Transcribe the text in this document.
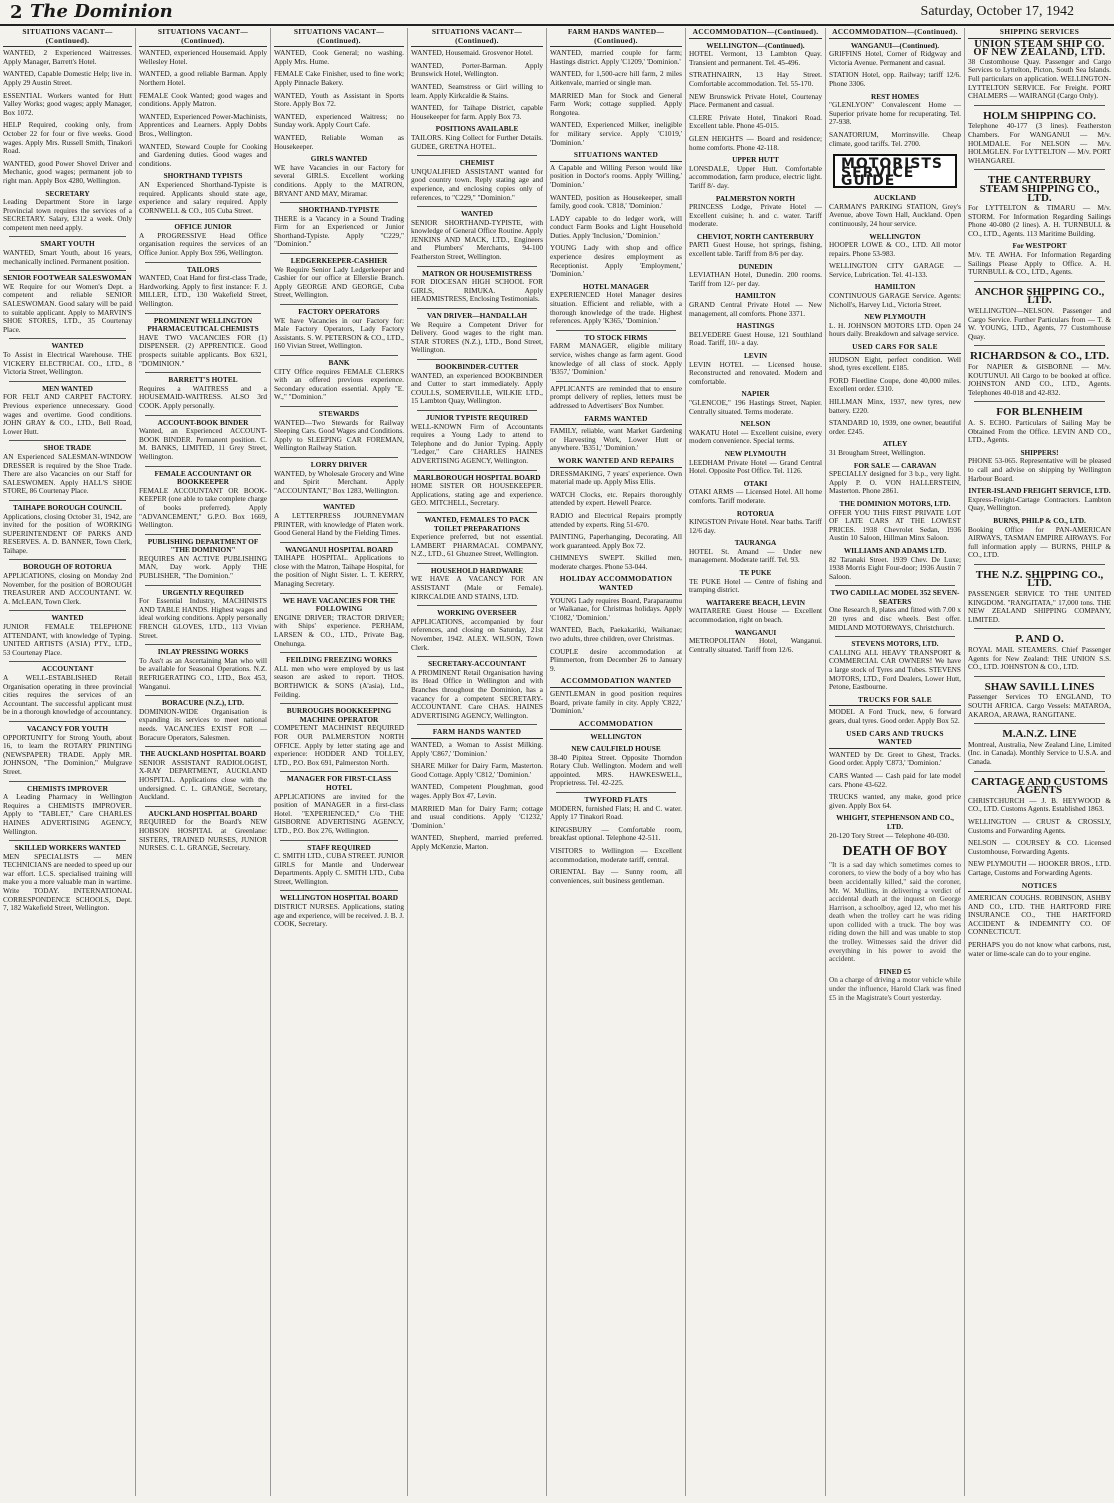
2 The Dominion	Saturday, October 17, 1942
SITUATIONS VACANT—(Continued).

WANTED, 2 Experienced Waitresses. Apply Manager, Barrett's Hotel.

WANTED, Capable Domestic Help; live in. Apply 29 Austin Street.

ESSENTIAL Workers wanted for Hutt Valley Works; good wages; apply Manager, Box 1072.

HELP Required, cooking only, from October 22 for four or five weeks. Good wages. Apply Mrs. Russell Smith, Tinakori Road.

WANTED, good Power Shovel Driver and Mechanic, good wages; permanent job to right man. Apply Box 4280, Wellington.

SECRETARY

Leading Department Store in large Provincial town requires the services of a SECRETARY. Salary, £312 a week. Only competent men need apply.

SMART YOUTH

WANTED, Smart Youth, about 16 years, mechanically inclined. Permanent position.

SENIOR FOOTWEAR SALESWOMAN

WE Require for our Women's Dept. a competent and reliable SENIOR SALESWOMAN. Good salary will be paid to suitable applicant. Apply to MARVIN'S SHOE STORES, LTD., 35 Courtenay Place.

WANTED

To Assist in Electrical Warehouse. THE VICKERY ELECTRICAL CO., LTD., 8 Victoria Street, Wellington.

MEN WANTED

FOR FELT AND CARPET FACTORY. Previous experience unnecessary. Good wages and overtime. Good conditions. JOHN GRAY & CO., LTD., Bell Road, Lower Hutt.

SHOE TRADE

AN Experienced SALESMAN-WINDOW DRESSER is required by the Shoe Trade. There are also Vacancies on our Staff for SALESWOMEN. Apply HALL'S SHOE STORE, 86 Courtenay Place.

TAIHAPE BOROUGH COUNCIL

Applications, closing October 31, 1942, are invited for the position of WORKING SUPERINTENDENT OF PARKS AND RESERVES. A. D. BANNER, Town Clerk, Taihape.

BOROUGH OF ROTORUA

APPLICATIONS, closing on Monday 2nd November, for the position of BOROUGH TREASURER AND ACCOUNTANT. W. A. McLEAN, Town Clerk.

WANTED

JUNIOR FEMALE TELEPHONE ATTENDANT, with knowledge of Typing. UNITED ARTISTS (A'SIA) PTY., LTD., 53 Courtenay Place.

ACCOUNTANT

A WELL-ESTABLISHED Retail Organisation operating in three provincial cities requires the services of an Accountant. The successful applicant must be in a thorough knowledge of accountancy.

VACANCY FOR YOUTH

OPPORTUNITY for Strong Youth, about 16, to learn the ROTARY PRINTING (NEWSPAPER) TRADE. Apply MR. JOHNSON, "The Dominion," Mulgrave Street.

CHEMISTS IMPROVER

A Leading Pharmacy in Wellington Requires a CHEMISTS IMPROVER. Apply to "TABLET," Care CHARLES HAINES ADVERTISING AGENCY, Wellington.

SKILLED WORKERS WANTED

MEN SPECIALISTS — MEN TECHNICIANS are needed to speed up our war effort. I.C.S. specialised training will make you a more valuable man in wartime. Write TODAY. INTERNATIONAL CORRESPONDENCE SCHOOLS, Dept. 7, 182 Wakefield Street, Wellington.

SITUATIONS VACANT—(Continued).

WANTED, experienced Housemaid. Apply Wellesley Hotel.

WANTED, a good reliable Barman. Apply Northern Hotel.

FEMALE Cook Wanted; good wages and conditions. Apply Matron.

WANTED, Experienced Power-Machinists, Apprentices and Learners. Apply Dobbs Bros., Wellington.

WANTED, Steward Couple for Cooking and Gardening duties. Good wages and conditions.

SHORTHAND TYPISTS

AN Experienced Shorthand-Typiste is required. Applicants should state age, experience and salary required. Apply CORNWELL & CO., 105 Cuba Street.

OFFICE JUNIOR

A PROGRESSIVE Head Office organisation requires the services of an Office Junior. Apply Box 596, Wellington.

TAILORS

WANTED, Coat Hand for first-class Trade, Hardworking. Apply to first instance: F. J. MILLER, LTD., 130 Wakefield Street, Wellington.

PROMINENT WELLINGTON PHARMACEUTICAL CHEMISTS

HAVE TWO VACANCIES FOR (1) DISPENSER. (2) APPRENTICE. Good prospects suitable applicants. Box 6321, "DOMINION."

BARRETT'S HOTEL

Requires a WAITRESS and a HOUSEMAID-WAITRESS. ALSO 3rd COOK. Apply personally.

ACCOUNT-BOOK BINDER

Wanted, an Experienced ACCOUNT-BOOK BINDER. Permanent position. C. M. BANKS, LIMITED, 11 Grey Street, Wellington.

FEMALE ACCOUNTANT OR BOOKKEEPER

FEMALE ACCOUNTANT OR BOOK-KEEPER (one able to take complete charge of books preferred). Apply "ADVANCEMENT," G.P.O. Box 1669, Wellington.

PUBLISHING DEPARTMENT OF "THE DOMINION"

REQUIRES AN ACTIVE PUBLISHING MAN, Day work. Apply THE PUBLISHER, "The Dominion."

URGENTLY REQUIRED

For Essential Industry, MACHINISTS AND TABLE HANDS. Highest wages and ideal working conditions. Apply personally FRENCH GLOVES, LTD., 113 Vivian Street.

INLAY PRESSING WORKS

To Ass't as an Ascertaining Man who will be available for Seasonal Operations. N.Z. REFRIGERATING CO., LTD., Box 453, Wanganui.

BORACURE (N.Z.), LTD.

DOMINION-WIDE Organisation is expanding its services to meet national needs. VACANCIES EXIST FOR — Boracure Operators, Salesmen.

THE AUCKLAND HOSPITAL BOARD

SENIOR ASSISTANT RADIOLOGIST, X-RAY DEPARTMENT, AUCKLAND HOSPITAL. Applications close with the undersigned. C. L. GRANGE, Secretary, Auckland.

AUCKLAND HOSPITAL BOARD

REQUIRED for the Board's NEW HOBSON HOSPITAL at Greenlane: SISTERS, TRAINED NURSES, JUNIOR NURSES. C. L. GRANGE, Secretary.

SITUATIONS VACANT—(Continued).

WANTED, Cook General; no washing. Apply Mrs. Hume.

FEMALE Cake Finisher, used to fine work; Apply Pinnacle Bakery.

WANTED, Youth as Assistant in Sports Store. Apply Box 72.

WANTED, experienced Waitress; no Sunday work. Apply Court Cafe.

WANTED, Reliable Woman as Housekeeper.

GIRLS WANTED

WE have Vacancies in our Factory for several GIRLS. Excellent working conditions. Apply to the MATRON, BRYANT AND MAY, Miramar.

SHORTHAND-TYPISTE

THERE is a Vacancy in a Sound Trading Firm for an Experienced or Junior Shorthand-Typiste. Apply "C229," "Dominion."

LEDGERKEEPER-CASHIER

We Require Senior Lady Ledgerkeeper and Cashier for our office at Ellerslie Branch. Apply GEORGE AND GEORGE, Cuba Street, Wellington.

FACTORY OPERATORS

WE have Vacancies in our Factory for: Male Factory Operators, Lady Factory Assistants. S. W. PETERSON & CO., LTD., 160 Vivian Street, Wellington.

BANK

CITY Office requires FEMALE CLERKS with an offered previous experience. Secondary education essential. Apply "E. W.," "Dominion."

STEWARDS

WANTED—Two Stewards for Railway Sleeping Cars. Good Wages and Conditions. Apply to SLEEPING CAR FOREMAN, Wellington Railway Station.

LORRY DRIVER

WANTED, by Wholesale Grocery and Wine and Spirit Merchant. Apply "ACCOUNTANT," Box 1283, Wellington.

WANTED

A LETTERPRESS JOURNEYMAN PRINTER, with knowledge of Platen work. Good General Hand by the Fielding Times.

WANGANUI HOSPITAL BOARD

TAIHAPE HOSPITAL. Applications to close with the Matron, Taihape Hospital, for the position of Night Sister. L. T. KERRY, Managing Secretary.

WE HAVE VACANCIES FOR THE FOLLOWING

ENGINE DRIVER; TRACTOR DRIVER; with Ships' experience. PERHAM, LARSEN & CO., LTD., Private Bag, Onehunga.

FEILDING FREEZING WORKS

ALL men who were employed by us last season are asked to report. THOS. BORTHWICK & SONS (A'asia), Ltd., Feilding.

BURROUGHS BOOKKEEPING MACHINE OPERATOR

COMPETENT MACHINIST REQUIRED FOR OUR PALMERSTON NORTH OFFICE. Apply by letter stating age and experience: HODDER AND TOLLEY, LTD., P.O. Box 691, Palmerston North.

MANAGER FOR FIRST-CLASS HOTEL

APPLICATIONS are invited for the position of MANAGER in a first-class Hotel. "EXPERIENCED," C/o THE GISBORNE ADVERTISING AGENCY, LTD., P.O. Box 276, Wellington.

STAFF REQUIRED

C. SMITH LTD., CUBA STREET. JUNIOR GIRLS for Mantle and Underwear Departments. Apply C. SMITH LTD., Cuba Street, Wellington.

WELLINGTON HOSPITAL BOARD

DISTRICT NURSES. Applications, stating age and experience, will be received. J. B. J. COOK, Secretary.

SITUATIONS VACANT—(Continued).

WANTED, Housemaid. Grosvenor Hotel.

WANTED, Porter-Barman. Apply Brunswick Hotel, Wellington.

WANTED, Seamstress or Girl willing to learn. Apply Kirkcaldie & Stains.

WANTED, for Taihape District, capable Housekeeper for farm. Apply Box 73.

POSITIONS AVAILABLE

TAILORS. King Collect for Further Details. GUDEE, GRETNA HOTEL.

CHEMIST

UNQUALIFIED ASSISTANT wanted for good country town. Reply stating age and experience, and enclosing copies only of references, to "C229," "Dominion."

WANTED

SENIOR SHORTHAND-TYPISTE, with knowledge of General Office Routine. Apply JENKINS AND MACK, LTD., Engineers and Plumbers' Merchants, 94-100 Featherston Street, Wellington.

MATRON OR HOUSEMISTRESS

FOR DIOCESAN HIGH SCHOOL FOR GIRLS, RIMUKA. Apply HEADMISTRESS, Enclosing Testimonials.

VAN DRIVER—HANDALLAH

We Require a Competent Driver for Delivery. Good wages to the right man. STAR STORES (N.Z.), LTD., Bond Street, Wellington.

BOOKBINDER-CUTTER

WANTED, an experienced BOOKBINDER and Cutter to start immediately. Apply COULLS, SOMERVILLE, WILKIE LTD., 15 Lambton Quay, Wellington.

JUNIOR TYPISTE REQUIRED

WELL-KNOWN Firm of Accountants requires a Young Lady to attend to Telephone and do Junior Typing. Apply "Ledger," Care CHARLES HAINES ADVERTISING AGENCY, Wellington.

MARLBOROUGH HOSPITAL BOARD

HOME SISTER OR HOUSEKEEPER. Applications, stating age and experience. GEO. MITCHELL, Secretary.

WANTED, FEMALES TO PACK TOILET PREPARATIONS

Experience preferred, but not essential. LAMBERT PHARMACAL COMPANY, N.Z., LTD., 61 Ghuznee Street, Wellington.

HOUSEHOLD HARDWARE

WE HAVE A VACANCY FOR AN ASSISTANT (Male or Female). KIRKCALDIE AND STAINS, LTD.

WORKING OVERSEER

APPLICATIONS, accompanied by four references, and closing on Saturday, 21st November, 1942. ALEX. WILSON, Town Clerk.

SECRETARY-ACCOUNTANT

A PROMINENT Retail Organisation having its Head Office in Wellington and with Branches throughout the Dominion, has a vacancy for a competent SECRETARY-ACCOUNTANT. Care CHAS. HAINES ADVERTISING AGENCY, Wellington.

FARM HANDS WANTED

WANTED, a Woman to Assist Milking. Apply 'C867,' 'Dominion.'

SHARE Milker for Dairy Farm, Masterton. Good Cottage. Apply 'C812,' 'Dominion.'

WANTED, Competent Ploughman, good wages. Apply Box 47, Levin.

MARRIED Man for Dairy Farm; cottage and usual conditions. Apply 'C1232,' 'Dominion.'

WANTED, Shepherd, married preferred. Apply McKenzie, Marton.

FARM HANDS WANTED—(Continued).

WANTED, married couple for farm; Hastings district. Apply 'C1209,' 'Dominion.'

WANTED, for 1,500-acre hill farm, 2 miles Aitkenvale, married or single man.

MARRIED Man for Stock and General Farm Work; cottage supplied. Apply Rongotea.

WANTED, Experienced Milker, ineligible for military service. Apply 'C1019,' 'Dominion.'

SITUATIONS WANTED

A Capable and Willing Person would like position in Doctor's rooms. Apply 'Willing,' 'Dominion.'

WANTED, position as Housekeeper, small family, good cook. 'C818,' 'Dominion.'

LADY capable to do ledger work, will conduct Farm Books and Light Household Duties. Apply 'Inclusion,' 'Dominion.'

YOUNG Lady with shop and office experience desires employment as Receptionist. Apply 'Employment,' 'Dominion.'

HOTEL MANAGER

EXPERIENCED Hotel Manager desires situation. Efficient and reliable, with a thorough knowledge of the trade. Highest references. Apply 'K365,' 'Dominion.'

TO STOCK FIRMS

FARM MANAGER, eligible military service, wishes change as farm agent. Good knowledge of all class of stock. Apply 'B357,' 'Dominion.'

APPLICANTS are reminded that to ensure prompt delivery of replies, letters must be addressed to Advertisers' Box Number.

FARMS WANTED

FAMILY, reliable, want Market Gardening or Harvesting Work, Lower Hutt or anywhere. 'B351,' 'Dominion.'

WORK WANTED AND REPAIRS

DRESSMAKING, 7 years' experience. Own material made up. Apply Miss Ellis.

WATCH Clocks, etc. Repairs thoroughly attended by expert. Hewell Pearce.

RADIO and Electrical Repairs promptly attended by experts. Ring 51-670.

PAINTING, Paperhanging, Decorating. All work guaranteed. Apply Box 72.

CHIMNEYS SWEPT. Skilled men, moderate charges. Phone 53-044.

HOLIDAY ACCOMMODATION WANTED

YOUNG Lady requires Board, Paraparaumu or Waikanae, for Christmas holidays. Apply 'C1082,' 'Dominion.'

WANTED, Bach, Paekakariki, Waikanae; two adults, three children, over Christmas.

COUPLE desire accommodation at Plimmerton, from December 26 to January 9.

ACCOMMODATION WANTED

GENTLEMAN in good position requires Board, private family in city. Apply 'C822,' 'Dominion.'

ACCOMMODATION
WELLINGTON
NEW CAULFIELD HOUSE

38-40 Pipitea Street. Opposite Thorndon Rotary Club. Wellington. Modern and well appointed. MRS. HAWKESWELL, Proprietress. Tel. 42-225.

TWYFORD FLATS

MODERN, furnished Flats; H. and C. water. Apply 17 Tinakori Road.

KINGSBURY — Comfortable room, breakfast optional. Telephone 42-511.

VISITORS to Wellington — Excellent accommodation, moderate tariff, central.

ORIENTAL Bay — Sunny room, all conveniences, suit business gentleman.

ACCOMMODATION—(Continued).
WELLINGTON—(Continued).

HOTEL Vermont, 13 Lambton Quay. Transient and permanent. Tel. 45-496.

STRATHNAIRN, 13 Hay Street. Comfortable accommodation. Tel. 55-170.

NEW Brunswick Private Hotel, Courtenay Place. Permanent and casual.

CLERE Private Hotel, Tinakori Road. Excellent table. Phone 45-015.

GLEN HEIGHTS — Board and residence; home comforts. Phone 42-118.

UPPER HUTT

LONSDALE, Upper Hutt. Comfortable accommodation, farm produce, electric light. Tariff 8/- day.

PALMERSTON NORTH

PRINCESS Lodge, Private Hotel — Excellent cuisine; h. and c. water. Tariff moderate.

CHEVIOT, NORTH CANTERBURY

PARTI Guest House, hot springs, fishing, excellent table. Tariff from 8/6 per day.

DUNEDIN

LEVIATHAN Hotel, Dunedin. 200 rooms. Tariff from 12/- per day.

HAMILTON

GRAND Central Private Hotel — New management, all comforts. Phone 3371.

HASTINGS

BELVEDERE Guest House, 121 Southland Road. Tariff, 10/- a day.

LEVIN

LEVIN HOTEL — Licensed house. Reconstructed and renovated. Modern and comfortable.

NAPIER

"GLENCOE," 196 Hastings Street, Napier. Centrally situated. Terms moderate.

NELSON

WAKATU Hotel — Excellent cuisine, every modern convenience. Special terms.

NEW PLYMOUTH

LEEDHAM Private Hotel — Grand Central Hotel. Opposite Post Office. Tel. 1126.

OTAKI

OTAKI ARMS — Licensed Hotel. All home comforts. Tariff moderate.

ROTORUA

KINGSTON Private Hotel. Near baths. Tariff 12/6 day.

TAURANGA

HOTEL St. Amand — Under new management. Moderate tariff. Tel. 93.

TE PUKE

TE PUKE Hotel — Centre of fishing and tramping district.

WAITARERE BEACH, LEVIN

WAITARERE Guest House — Excellent accommodation, right on beach.

WANGANUI

METROPOLITAN Hotel, Wanganui. Centrally situated. Tariff from 12/6.

ACCOMMODATION—(Continued).
WANGANUI—(Continued).

GRIFFINS Hotel, Corner of Ridgway and Victoria Avenue. Permanent and casual.

STATION Hotel, opp. Railway; tariff 12/6. Phone 3306.

REST HOMES

"GLENLYON" Convalescent Home — Superior private home for recuperating. Tel. 27-938.

SANATORIUM, Morrinsville. Cheap climate, good tariffs. Tel. 2700.

MOTORISTS SERVICE GUIDE
AUCKLAND

CARMAN'S PARKING STATION, Grey's Avenue, above Town Hall, Auckland. Open continuously, 24 hour service.

WELLINGTON

HOOPER LOWE & CO., LTD. All motor repairs. Phone 53-983.

WELLINGTON CITY GARAGE — Service, Lubrication. Tel. 41-133.

HAMILTON

CONTINUOUS GARAGE Service. Agents: Nicholl's, Harvey Ltd., Victoria Street.

NEW PLYMOUTH

L. H. JOHNSON MOTORS LTD. Open 24 hours daily. Breakdown and salvage service.

USED CARS FOR SALE

HUDSON Eight, perfect condition. Well shod, tyres excellent. £185.

FORD Fleetline Coupe, done 40,000 miles. Excellent order. £310.

HILLMAN Minx, 1937, new tyres, new battery. £220.

STANDARD 10, 1939, one owner, beautiful order. £245.

ATLEY

31 Brougham Street, Wellington.

FOR SALE — CARAVAN

SPECIALLY designed for 3 b.p., very light. Apply P. O. VON HALLERSTEIN, Masterton. Phone 2861.

THE DOMINION MOTORS, LTD.

OFFER YOU THIS FIRST PRIVATE LOT OF LATE CARS AT THE LOWEST PRICES. 1938 Chevrolet Sedan, 1936 Austin 10 Saloon, Hillman Minx Saloon.

WILLIAMS AND ADAMS LTD.

82 Taranaki Street. 1939 Chev. De Luxe; 1938 Morris Eight Four-door; 1936 Austin 7 Saloon.

TWO CADILLAC MODEL 352 SEVEN-SEATERS

One Research 8, plates and fitted with 7.00 x 20 tyres and disc wheels. Best offer. MIDLAND MOTORWAYS, Christchurch.

STEVENS MOTORS, LTD.

CALLING ALL HEAVY TRANSPORT & COMMERCIAL CAR OWNERS! We have a large stock of Tyres and Tubes. STEVENS MOTORS, LTD., Ford Dealers, Lower Hutt, Petone, Eastbourne.

TRUCKS FOR SALE

MODEL A Ford Truck, new, 6 forward gears, dual tyres. Good order. Apply Box 52.

USED CARS AND TRUCKS WANTED

WANTED by Dr. Greet to Ghest, Tracks. Good order. Apply 'C873,' 'Dominion.'

CARS Wanted — Cash paid for late model cars. Phone 43-622.

TRUCKS wanted, any make, good price given. Apply Box 64.

WHIGHT, STEPHENSON AND CO., LTD.

20-120 Tory Street — Telephone 40-030.

DEATH OF BOY

"It is a sad day which sometimes comes to coroners, to view the body of a boy who has been accidentally killed," said the coroner, Mr. W. Mullins, in delivering a verdict of accidental death at the inquest on George Harrison, a schoolboy, aged 12, who met his death when the trolley cart he was riding upon collided with a truck. The boy was riding down the hill and was unable to stop the trolley. Witnesses said the driver did everything in his power to avoid the accident.

FINED £5

On a charge of driving a motor vehicle while under the influence, Harold Clark was fined £5 in the Magistrate's Court yesterday.

SHIPPING SERVICES
UNION STEAM SHIP CO. OF NEW ZEALAND, LTD.

38 Customhouse Quay. Passenger and Cargo Services to Lyttelton, Picton, South Sea Islands. Full particulars on application. WELLINGTON-LYTTELTON SERVICE. For Freight. PORT CHALMERS — WAIRANGI (Cargo Only).

HOLM SHIPPING CO.

Telephone 40-177 (3 lines). Featherston Chambers. For WANGANUI — M/v. HOLMDALE. For NELSON — M/v. HOLMGLEN. For LYTTELTON — M/v. PORT WHANGAREI.

THE CANTERBURY STEAM SHIPPING CO., LTD.

For LYTTELTON & TIMARU — M/v. STORM. For Information Regarding Sailings Phone 40-080 (2 lines). A. H. TURNBULL & CO., LTD., Agents. 113 Maritime Building.

For WESTPORT

M/v. TE AWHA. For Information Regarding Sailings Please Apply to Office. A. H. TURNBULL & CO., LTD., Agents.

ANCHOR SHIPPING CO., LTD.

WELLINGTON—NELSON. Passenger and Cargo Service. Further Particulars from — T. & W. YOUNG, LTD., Agents, 77 Customhouse Quay.

RICHARDSON & CO., LTD.

For NAPIER & GISBORNE — M/v. KOUTUNUI. All Cargo to be booked at office. JOHNSTON AND CO., LTD., Agents. Telephones 40-018 and 42-832.

FOR BLENHEIM

A. S. ECHO. Particulars of Sailing May be Obtained From the Office. LEVIN AND CO., LTD., Agents.

SHIPPERS!

PHONE 53-065. Representative will be pleased to call and advise on shipping by Wellington Harbour Board.

INTER-ISLAND FREIGHT SERVICE, LTD.

Express-Freight-Cartage Contractors. Lambton Quay, Wellington.

BURNS, PHILP & CO., LTD.

Booking Office for PAN-AMERICAN AIRWAYS, TASMAN EMPIRE AIRWAYS. For full information apply — BURNS, PHILP & CO., LTD.

THE N.Z. SHIPPING CO., LTD.

PASSENGER SERVICE TO THE UNITED KINGDOM. "RANGITATA," 17,000 tons. THE NEW ZEALAND SHIPPING COMPANY, LIMITED.

P. AND O.

ROYAL MAIL STEAMERS. Chief Passenger Agents for New Zealand: THE UNION S.S. CO., LTD. JOHNSTON & CO., LTD.

SHAW SAVILL LINES

Passenger Services TO ENGLAND, TO SOUTH AFRICA. Cargo Vessels: MATAROA, AKAROA, ARAWA, RANGITANE.

M.A.N.Z. LINE

Montreal, Australia, New Zealand Line, Limited (Inc. in Canada). Monthly Service to U.S.A. and Canada.

CARTAGE AND CUSTOMS AGENTS

CHRISTCHURCH — J. B. HEYWOOD & CO., LTD. Customs Agents. Established 1863.

WELLINGTON — CRUST & CROSSLY, Customs and Forwarding Agents.

NELSON — COURSEY & CO. Licensed Customhouse, Forwarding Agents.

NEW PLYMOUTH — HOOKER BROS., LTD. Cartage, Customs and Forwarding Agents.

NOTICES

AMERICAN COUGHS. ROBINSON, ASHBY AND CO., LTD. THE HARTFORD FIRE INSURANCE CO., THE HARTFORD ACCIDENT & INDEMNITY CO. OF CONNECTICUT.

PERHAPS you do not know what carbons, rust, water or lime-scale can do to your engine.
